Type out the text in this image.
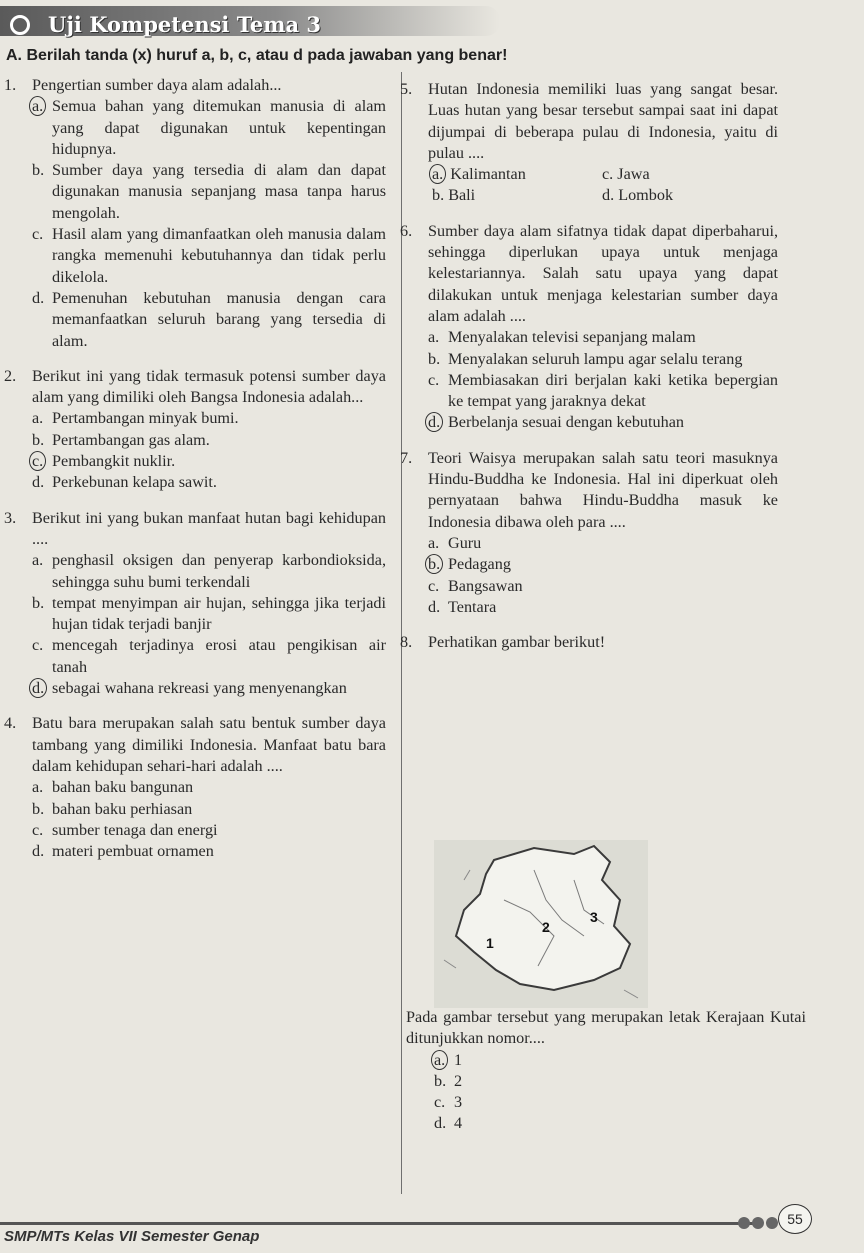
Uji Kompetensi Tema 3
A. Berilah tanda (x) huruf a, b, c, atau d pada jawaban yang benar!
1. Pengertian sumber daya alam adalah...
a. Semua bahan yang ditemukan manusia di alam yang dapat digunakan untuk kepentingan hidupnya.
b. Sumber daya yang tersedia di alam dan dapat digunakan manusia sepanjang masa tanpa harus mengolah.
c. Hasil alam yang dimanfaatkan oleh manusia dalam rangka memenuhi kebutuhannya dan tidak perlu dikelola.
d. Pemenuhan kebutuhan manusia dengan cara memanfaatkan seluruh barang yang tersedia di alam.
2. Berikut ini yang tidak termasuk potensi sumber daya alam yang dimiliki oleh Bangsa Indonesia adalah...
a. Pertambangan minyak bumi.
b. Pertambangan gas alam.
c. Pembangkit nuklir.
d. Perkebunan kelapa sawit.
3. Berikut ini yang bukan manfaat hutan bagi kehidupan ....
a. penghasil oksigen dan penyerap karbondioksida, sehingga suhu bumi terkendali
b. tempat menyimpan air hujan, sehingga jika terjadi hujan tidak terjadi banjir
c. mencegah terjadinya erosi atau pengikisan air tanah
d. sebagai wahana rekreasi yang menyenangkan
4. Batu bara merupakan salah satu bentuk sumber daya tambang yang dimiliki Indonesia. Manfaat batu bara dalam kehidupan sehari-hari adalah ....
a. bahan baku bangunan
b. bahan baku perhiasan
c. sumber tenaga dan energi
d. materi pembuat ornamen
5. Hutan Indonesia memiliki luas yang sangat besar. Luas hutan yang besar tersebut sampai saat ini dapat dijumpai di beberapa pulau di Indonesia, yaitu di pulau ....
a. Kalimantan	c. Jawa
b. Bali	d. Lombok
6. Sumber daya alam sifatnya tidak dapat diperbaharui, sehingga diperlukan upaya untuk menjaga kelestariannya. Salah satu upaya yang dapat dilakukan untuk menjaga kelestarian sumber daya alam adalah ....
a. Menyalakan televisi sepanjang malam
b. Menyalakan seluruh lampu agar selalu terang
c. Membiasakan diri berjalan kaki ketika bepergian ke tempat yang jaraknya dekat
d. Berbelanja sesuai dengan kebutuhan
7. Teori Waisya merupakan salah satu teori masuknya Hindu-Buddha ke Indonesia. Hal ini diperkuat oleh pernyataan bahwa Hindu-Buddha masuk ke Indonesia dibawa oleh para ....
a. Guru
b. Pedagang
c. Bangsawan
d. Tentara
8. Perhatikan gambar berikut!
1
2
3
Pada gambar tersebut yang merupakan letak Kerajaan Kutai ditunjukkan nomor....
a. 1
b. 2
c. 3
d. 4
SMP/MTs Kelas VII Semester Genap
55
